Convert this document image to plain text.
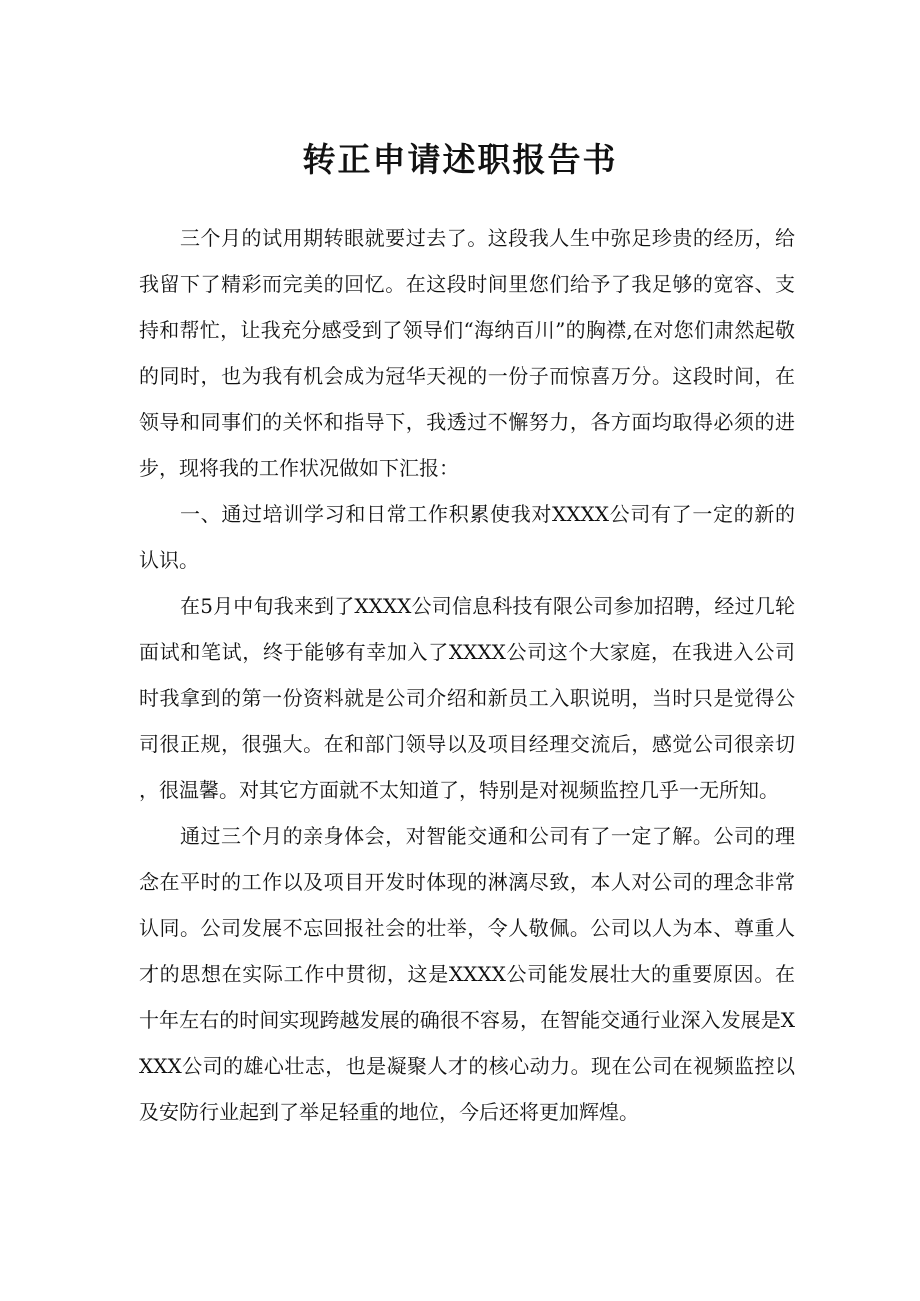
转正申请述职报告书

三个月的试用期转眼就要过去了。这段我人生中弥足珍贵的经历，给我留下了精彩而完美的回忆。在这段时间里您们给予了我足够的宽容、支持和帮忙，让我充分感受到了领导们“海纳百川”的胸襟,在对您们肃然起敬的同时，也为我有机会成为冠华天视的一份子而惊喜万分。这段时间，在领导和同事们的关怀和指导下，我透过不懈努力，各方面均取得必须的进步，现将我的工作状况做如下汇报：

一、通过培训学习和日常工作积累使我对XXXX公司有了一定的新的认识。

在5月中旬我来到了XXXX公司信息科技有限公司参加招聘，经过几轮面试和笔试，终于能够有幸加入了XXXX公司这个大家庭，在我进入公司时我拿到的第一份资料就是公司介绍和新员工入职说明，当时只是觉得公司很正规，很强大。在和部门领导以及项目经理交流后，感觉公司很亲切，很温馨。对其它方面就不太知道了，特别是对视频监控几乎一无所知。

通过三个月的亲身体会，对智能交通和公司有了一定了解。公司的理念在平时的工作以及项目开发时体现的淋漓尽致，本人对公司的理念非常认同。公司发展不忘回报社会的壮举，令人敬佩。公司以人为本、尊重人才的思想在实际工作中贯彻，这是XXXX公司能发展壮大的重要原因。在十年左右的时间实现跨越发展的确很不容易，在智能交通行业深入发展是XXXX公司的雄心壮志，也是凝聚人才的核心动力。现在公司在视频监控以及安防行业起到了举足轻重的地位，今后还将更加辉煌。
